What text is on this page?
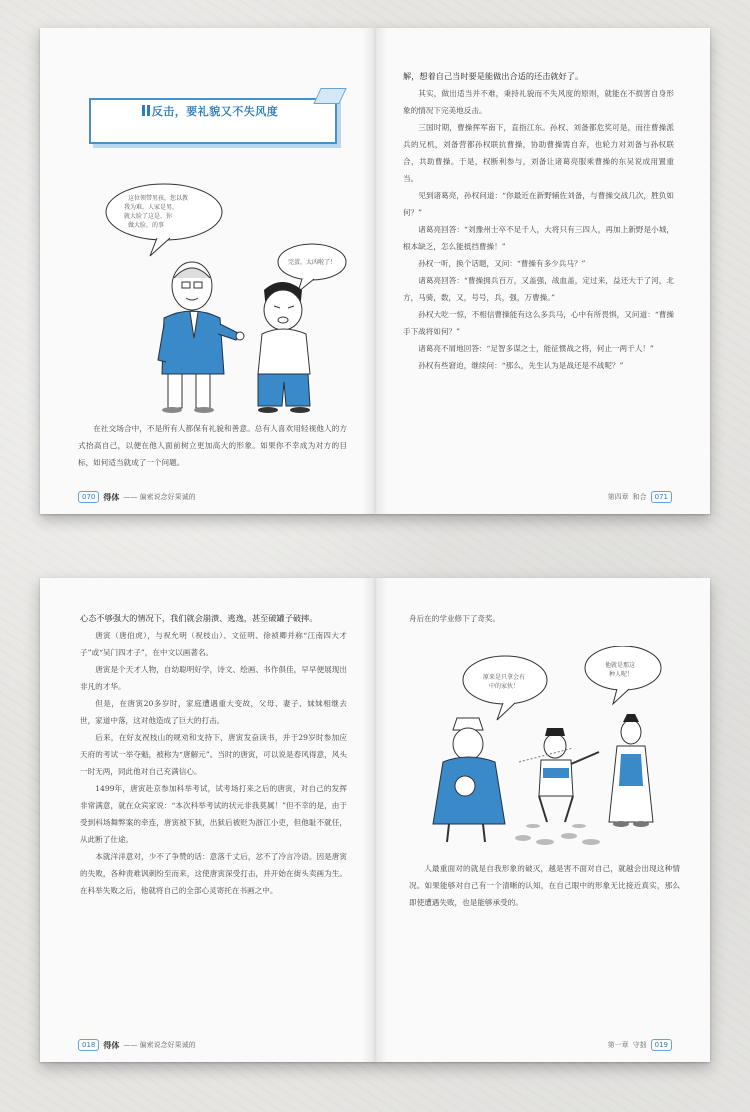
反击，要礼貌又不失风度
这位领带男孩，您以教
我为难，人家是男，
就大脸了这是，你
做大脸，的事
完蛋，太凶啦了！

在社交场合中，不是所有人都保有礼貌和善意。总有人喜欢用轻视他人的方式抬高自己，以便在他人面前树立更加高大的形象。如果你不幸成为对方的目标，如何适当就成了一个问题。

070	得体 —— 偏索说念好果诚的

解，想着自己当时要是能做出合适的还击就好了。

其实，做出适当并不难，秉持礼貌而不失风度的原则，就能在不损害自身形象的情况下完美地反击。

三国时期，曹操挥军南下，直指江东。孙权、刘备都危奖可是，而往曹操派兵的兄机，刘备营都孙权联抗曹操，协助曹操需自弃，也轮力对刘备与孙权联合，共助曹操。于是，权断利参与，刘备让诸葛亮服乘曹操的东吴说成用置重当。

见到诸葛亮，孙权问道：“你最近在新野辅佐刘备，与曹操交战几次，胜负如何？”

诸葛亮回答：“刘豫州士卒不足千人，大将只有三四人，再加上新野是小城，根本缺乏，怎么能抵挡曹操！”

孙权一听，换个话题，又问：“曹操有多少兵马？”

诸葛亮回答：“曹操拥兵百万，又盖强，战血盖，定过来，益还大于了河，北方，马骑，数，又，号号，兵，强，万曹操。”

孙权大吃一惊，不相信曹操能有这么多兵马，心中有所畏惧，又问道：“曹操手下战将如何？”

诸葛亮不屑地回答：“足智多谋之士，能征惯战之将，何止一两千人！”

孙权有些窘迫，继续问：“那么，先生认为是战还是不战呢？”

第四章 和合	071

心态不够强大的情况下，我们就会崩溃、逃逸，甚至破罐子破摔。

唐寅（唐伯虎），与祝允明（祝枝山）、文征明、徐祯卿并称“江南四大才子”或“吴门四才子”，在中文以画著名。

唐寅是个天才人物，自幼聪明好学，诗文、绘画、书作俱佳，早早便展现出非凡的才华。

但是，在唐寅20多岁时，家庭遭遇重大变故，父母、妻子、妹妹相继去世，家道中落，这对他造成了巨大的打击。

后来，在好友祝枝山的规劝和支持下，唐寅发奋读书，并于29岁时参加应天府的考试一举夺魁，被称为“唐解元”。当时的唐寅，可以说是春风得意，风头一时无两，同此他对自己充满信心。

1499年，唐寅赴京参加科举考试，试考场打来之后的唐寅，对自己的发挥非常满意，就在众宾家说：“本次科举考试的状元非我莫属！”但不幸的是，由于受到科场舞弊案的牵连，唐寅被下狱，出狱后被贬为浙江小吏，但他耻不就任，从此断了仕途。

本就洋洋意对，少不了争赞的话：意落千丈后，忿不了冷言冷语。因是唐寅的失败，各种责难讽刺纷至而来，这使唐寅深受打击，并开始在街头卖画为生。在科举失败之后，他就将自己的全部心灵寄托在书画之中。

018	得体 —— 偏索说念好果诚的

舟后在的学业修下了奇奖。

原来是只拿会有
中的家伙！
他就是那这
种人呢！

人最重面对的就是自我形象的破灭，越是害不面对自己，就越会出现这种情况。如果能够对自己有一个清晰的认知，在自己眼中的形象无比接近真实，那么即使遭遇失败，也是能够承受的。

第一章 守拙	019
